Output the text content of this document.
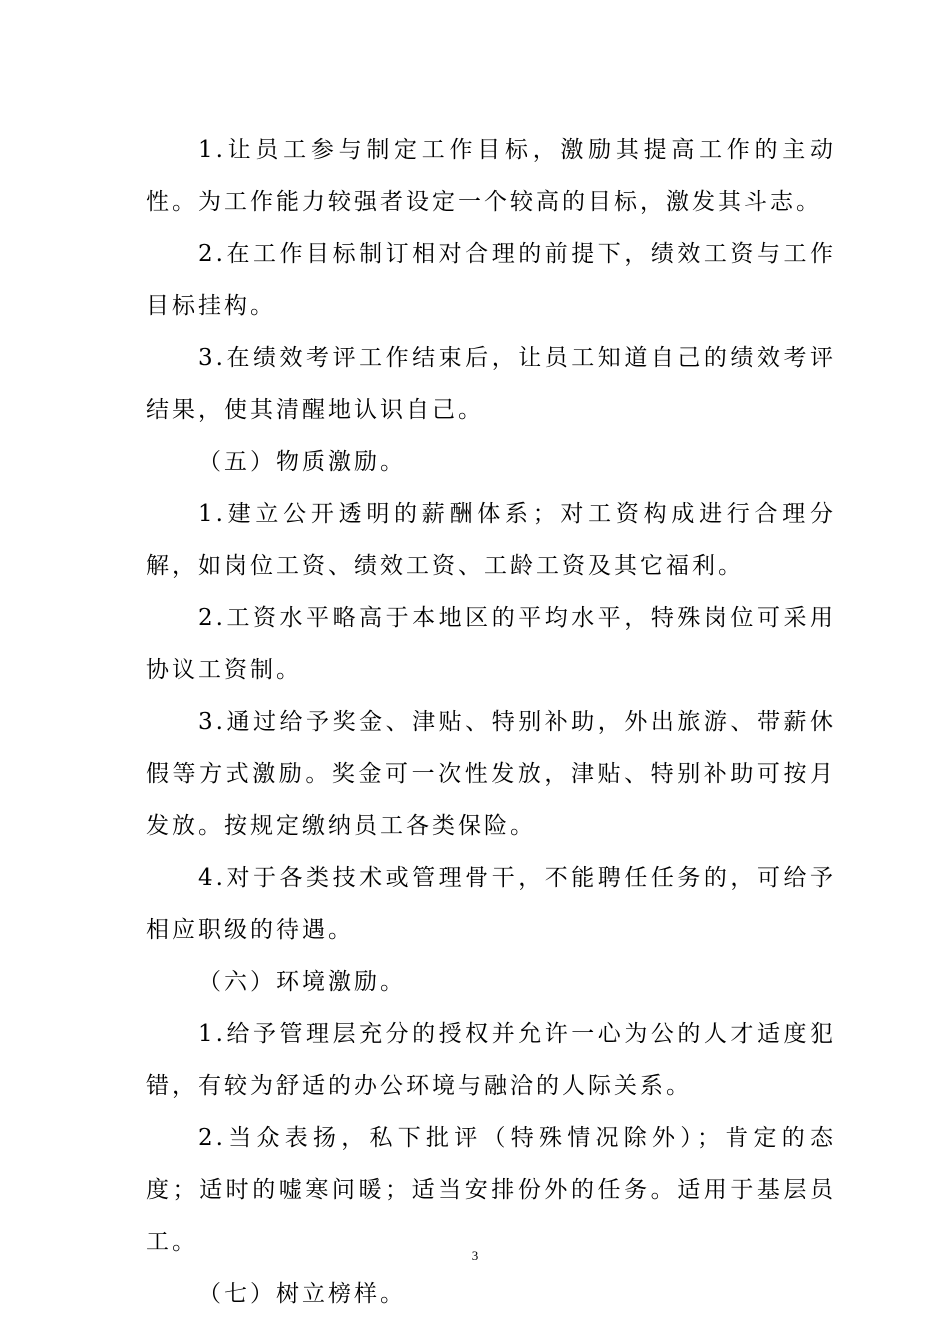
1.让员工参与制定工作目标，激励其提高工作的主动性。为工作能力较强者设定一个较高的目标，激发其斗志。

2.在工作目标制订相对合理的前提下，绩效工资与工作目标挂构。

3.在绩效考评工作结束后，让员工知道自己的绩效考评结果，使其清醒地认识自己。

（五）物质激励。

1.建立公开透明的薪酬体系；对工资构成进行合理分解，如岗位工资、绩效工资、工龄工资及其它福利。

2.工资水平略高于本地区的平均水平，特殊岗位可采用协议工资制。

3.通过给予奖金、津贴、特别补助，外出旅游、带薪休假等方式激励。奖金可一次性发放，津贴、特别补助可按月发放。按规定缴纳员工各类保险。

4.对于各类技术或管理骨干，不能聘任任务的，可给予相应职级的待遇。

（六）环境激励。

1.给予管理层充分的授权并允许一心为公的人才适度犯错，有较为舒适的办公环境与融洽的人际关系。

2.当众表扬，私下批评（特殊情况除外）；肯定的态度；适时的嘘寒问暖；适当安排份外的任务。适用于基层员工。

（七）树立榜样。

3
